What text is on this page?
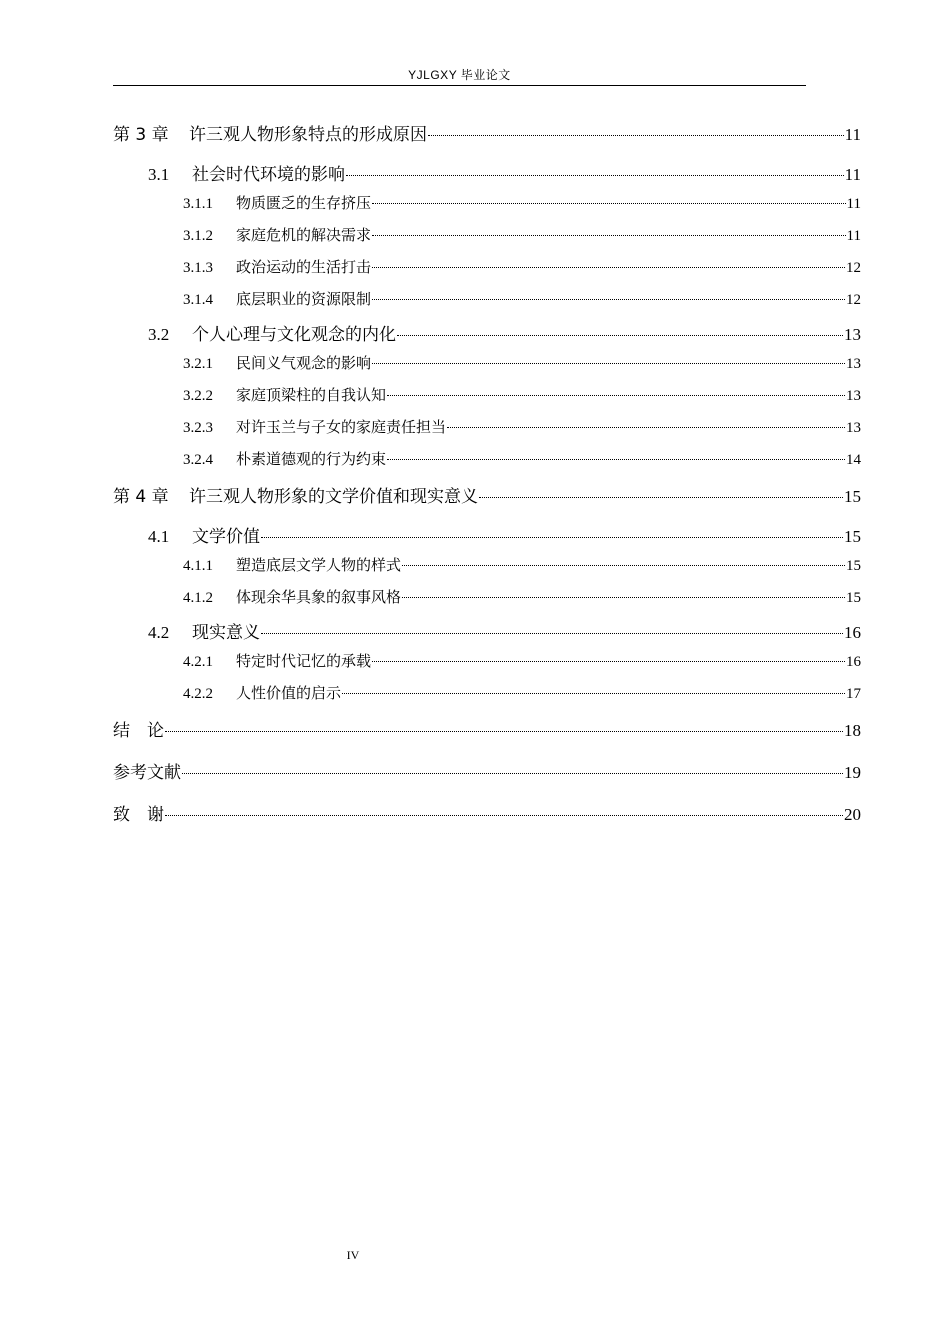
YJLGXY 毕业论文
第 3 章	许三观人物形象特点的形成原因	11
3.1	社会时代环境的影响	11
3.1.1	物质匮乏的生存挤压	11
3.1.2	家庭危机的解决需求	11
3.1.3	政治运动的生活打击	12
3.1.4	底层职业的资源限制	12
3.2	个人心理与文化观念的内化	13
3.2.1	民间义气观念的影响	13
3.2.2	家庭顶梁柱的自我认知	13
3.2.3	对许玉兰与子女的家庭责任担当	13
3.2.4	朴素道德观的行为约束	14
第 4 章	许三观人物形象的文学价值和现实意义	15
4.1	文学价值	15
4.1.1	塑造底层文学人物的样式	15
4.1.2	体现余华具象的叙事风格	15
4.2	现实意义	16
4.2.1	特定时代记忆的承载	16
4.2.2	人性价值的启示	17
结　论	18
参考文献	19
致　谢	20
IV
